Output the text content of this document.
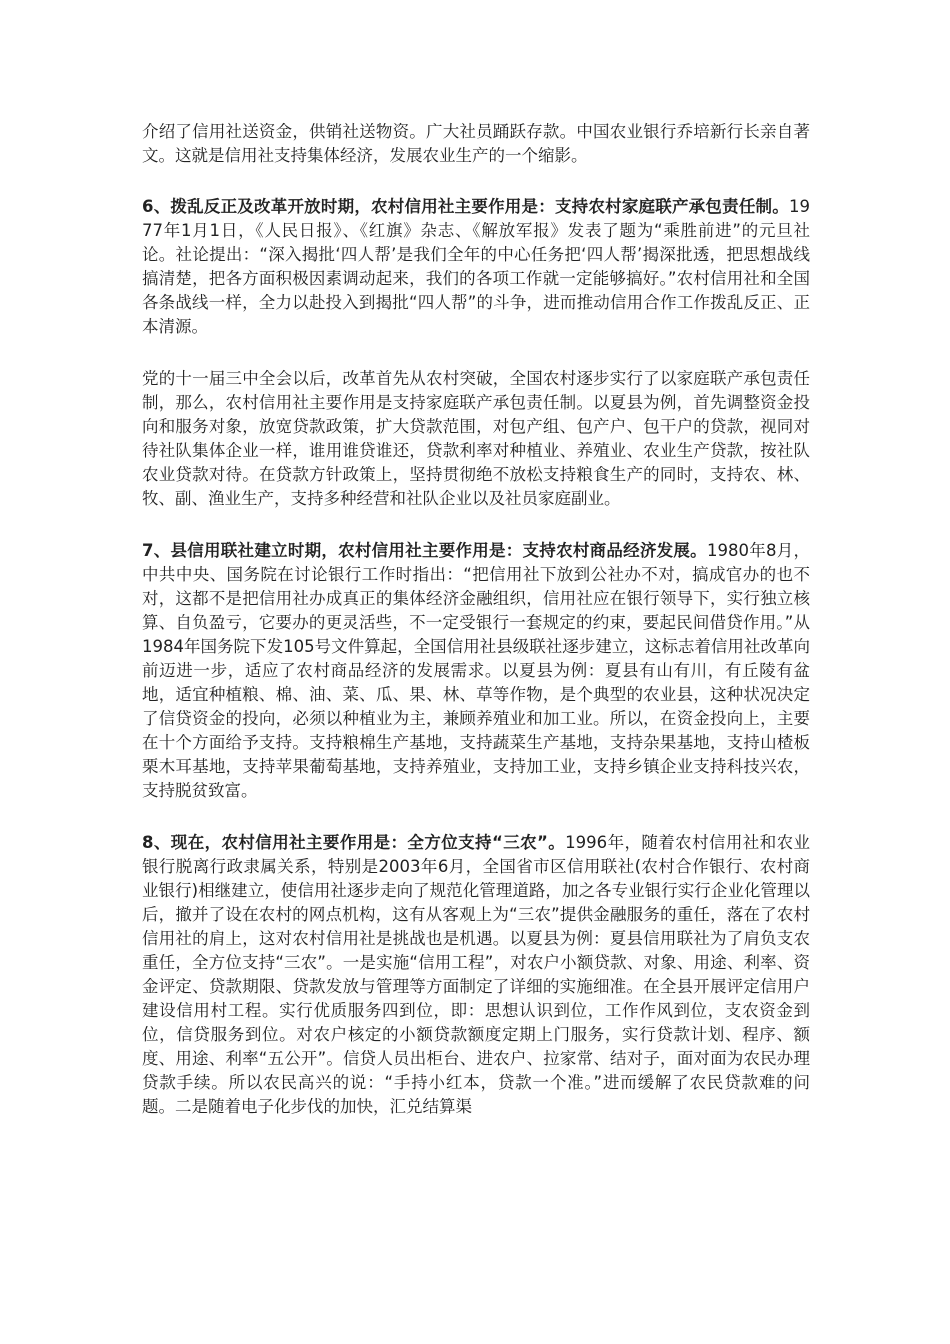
介绍了信用社送资金，供销社送物资。广大社员踊跃存款。中国农业银行乔培新行长亲自著文。这就是信用社支持集体经济，发展农业生产的一个缩影。

6、拨乱反正及改革开放时期，农村信用社主要作用是：支持农村家庭联产承包责任制。1977年1月1日，《人民日报》、《红旗》杂志、《解放军报》发表了题为“乘胜前进”的元旦社论。社论提出：“深入揭批‘四人帮’是我们全年的中心任务把‘四人帮’揭深批透，把思想战线搞清楚，把各方面积极因素调动起来，我们的各项工作就一定能够搞好。”农村信用社和全国各条战线一样，全力以赴投入到揭批“四人帮”的斗争，进而推动信用合作工作拨乱反正、正本清源。

党的十一届三中全会以后，改革首先从农村突破，全国农村逐步实行了以家庭联产承包责任制，那么，农村信用社主要作用是支持家庭联产承包责任制。以夏县为例，首先调整资金投向和服务对象，放宽贷款政策，扩大贷款范围，对包产组、包产户、包干户的贷款，视同对待社队集体企业一样，谁用谁贷谁还，贷款利率对种植业、养殖业、农业生产贷款，按社队农业贷款对待。在贷款方针政策上，坚持贯彻绝不放松支持粮食生产的同时，支持农、林、牧、副、渔业生产，支持多种经营和社队企业以及社员家庭副业。

7、县信用联社建立时期，农村信用社主要作用是：支持农村商品经济发展。1980年8月，中共中央、国务院在讨论银行工作时指出：“把信用社下放到公社办不对，搞成官办的也不对，这都不是把信用社办成真正的集体经济金融组织，信用社应在银行领导下，实行独立核算、自负盈亏，它要办的更灵活些，不一定受银行一套规定的约束，要起民间借贷作用。”从1984年国务院下发105号文件算起，全国信用社县级联社逐步建立，这标志着信用社改革向前迈进一步，适应了农村商品经济的发展需求。以夏县为例：夏县有山有川，有丘陵有盆地，适宜种植粮、棉、油、菜、瓜、果、林、草等作物，是个典型的农业县，这种状况决定了信贷资金的投向，必须以种植业为主，兼顾养殖业和加工业。所以，在资金投向上，主要在十个方面给予支持。支持粮棉生产基地，支持蔬菜生产基地，支持杂果基地，支持山楂板栗木耳基地，支持苹果葡萄基地，支持养殖业，支持加工业，支持乡镇企业支持科技兴农，支持脱贫致富。

8、现在，农村信用社主要作用是：全方位支持“三农”。1996年，随着农村信用社和农业银行脱离行政隶属关系，特别是2003年6月，全国省市区信用联社(农村合作银行、农村商业银行)相继建立，使信用社逐步走向了规范化管理道路，加之各专业银行实行企业化管理以后，撤并了设在农村的网点机构，这有从客观上为“三农”提供金融服务的重任，落在了农村信用社的肩上，这对农村信用社是挑战也是机遇。以夏县为例：夏县信用联社为了肩负支农重任，全方位支持“三农”。一是实施“信用工程”，对农户小额贷款、对象、用途、利率、资金评定、贷款期限、贷款发放与管理等方面制定了详细的实施细准。在全县开展评定信用户建设信用村工程。实行优质服务四到位，即：思想认识到位，工作作风到位，支农资金到位，信贷服务到位。对农户核定的小额贷款额度定期上门服务，实行贷款计划、程序、额度、用途、利率“五公开”。信贷人员出柜台、进农户、拉家常、结对子，面对面为农民办理贷款手续。所以农民高兴的说：“手持小红本，贷款一个准。”进而缓解了农民贷款难的问题。二是随着电子化步伐的加快，汇兑结算渠
